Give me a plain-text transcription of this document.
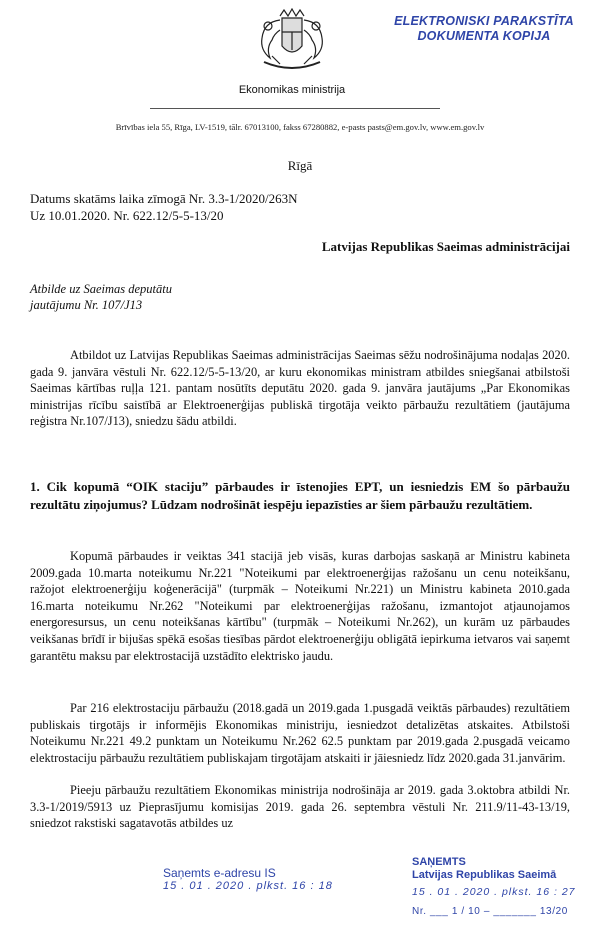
Ekonomikas ministrija
ELEKTRONISKI PARAKSTĪTA
DOKUMENTA KOPIJA
Brīvības iela 55, Rīga, LV-1519, tālr. 67013100, fakss 67280882, e-pasts pasts@em.gov.lv, www.em.gov.lv
Rīgā
Datums skatāms laika zīmogā Nr. 3.3-1/2020/263N
Uz 10.01.2020. Nr. 622.12/5-5-13/20
Latvijas Republikas Saeimas administrācijai
Atbilde uz Saeimas deputātu
jautājumu Nr. 107/J13
Atbildot uz Latvijas Republikas Saeimas administrācijas Saeimas sēžu nodrošinājuma nodaļas 2020. gada 9. janvāra vēstuli Nr. 622.12/5-5-13/20, ar kuru ekonomikas ministram atbildes sniegšanai atbilstoši Saeimas kārtības ruļļa 121. pantam nosūtīts deputātu 2020. gada 9. janvāra jautājums „Par Ekonomikas ministrijas rīcību saistībā ar Elektroenerģijas publiskā tirgotāja veikto pārbaužu rezultātiem (jautājuma reģistra Nr.107/J13), sniedzu šādu atbildi.
1. Cik kopumā “OIK staciju” pārbaudes ir īstenojies EPT, un iesniedzis EM šo pārbaužu rezultātu ziņojumus? Lūdzam nodrošināt iespēju iepazīsties ar šiem pārbaužu rezultātiem.
Kopumā pārbaudes ir veiktas 341 stacijā jeb visās, kuras darbojas saskaņā ar Ministru kabineta 2009.gada 10.marta noteikumu Nr.221 "Noteikumi par elektroenerģijas ražošanu un cenu noteikšanu, ražojot elektroenerģiju koģenerācijā" (turpmāk – Noteikumi Nr.221) un Ministru kabineta 2010.gada 16.marta noteikumu Nr.262 "Noteikumi par elektroenerģijas ražošanu, izmantojot atjaunojamos energoresursus, un cenu noteikšanas kārtību" (turpmāk – Noteikumi Nr.262), un kurām uz pārbaudes veikšanas brīdī ir bijušas spēkā esošas tiesības pārdot elektroenerģiju obligātā iepirkuma ietvaros vai saņemt garantētu maksu par elektrostacijā uzstādīto elektrisko jaudu.
Par 216 elektrostaciju pārbaužu (2018.gadā un 2019.gada 1.pusgadā veiktās pārbaudes) rezultātiem publiskais tirgotājs ir informējis Ekonomikas ministriju, iesniedzot detalizētas atskaites. Atbilstoši Noteikumu Nr.221 49.2 punktam un Noteikumu Nr.262 62.5 punktam par 2019.gada 2.pusgadā veicamo elektrostaciju pārbaužu rezultātiem publiskajam tirgotājam atskaiti ir jāiesniedz līdz 2020.gada 31.janvārim.
Pieeju pārbaužu rezultātiem Ekonomikas ministrija nodrošināja ar 2019. gada 3.oktobra atbildi Nr. 3.3-1/2019/5913 uz Pieprasījumu komisijas 2019. gada 26. septembra vēstuli Nr. 211.9/11-43-13/19, sniedzot rakstiski sagatavotās atbildes uz
Saņemts e-adresu IS
15 . 01 . 2020 . plkst. 16 : 18
SAŅEMTS
Latvijas Republikas Saeimā
15 . 01 . 2020 . plkst. 16 : 27
Nr. ___ 1 / 10 – _______ 13/20
